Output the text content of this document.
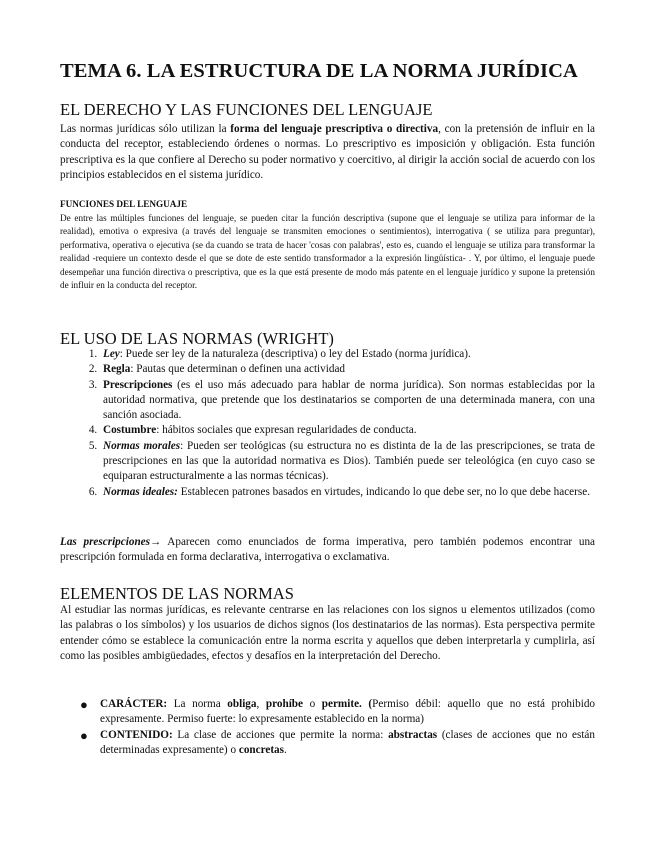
TEMA 6. LA ESTRUCTURA DE LA NORMA JURÍDICA
EL DERECHO Y LAS FUNCIONES DEL LENGUAJE

Las normas jurídicas sólo utilizan la forma del lenguaje prescriptiva o directiva, con la pretensión de influir en la conducta del receptor, estableciendo órdenes o normas. Lo prescriptivo es imposición y obligación. Esta función prescriptiva es la que confiere al Derecho su poder normativo y coercitivo, al dirigir la acción social de acuerdo con los principios establecidos en el sistema jurídico.

FUNCIONES DEL LENGUAJE

De entre las múltiples funciones del lenguaje, se pueden citar la función descriptiva (supone que el lenguaje se utiliza para informar de la realidad), emotiva o expresiva (a través del lenguaje se transmiten emociones o sentimientos), interrogativa ( se utiliza para preguntar), performativa, operativa o ejecutiva (se da cuando se trata de hacer 'cosas con palabras', esto es, cuando el lenguaje se utiliza para transformar la realidad -requiere un contexto desde el que se dote de este sentido transformador a la expresión lingüística- . Y, por último, el lenguaje puede desempeñar una función directiva o prescriptiva, que es la que está presente de modo más patente en el lenguaje jurídico y supone la pretensión de influir en la conducta del receptor.

EL USO DE LAS NORMAS (WRIGHT)
1. Ley: Puede ser ley de la naturaleza (descriptiva) o ley del Estado (norma jurídica).
2. Regla: Pautas que determinan o definen una actividad
3. Prescripciones (es el uso más adecuado para hablar de norma jurídica). Son normas establecidas por la autoridad normativa, que pretende que los destinatarios se comporten de una determinada manera, con una sanción asociada.
4. Costumbre: hábitos sociales que expresan regularidades de conducta.
5. Normas morales: Pueden ser teológicas (su estructura no es distinta de la de las prescripciones, se trata de prescripciones en las que la autoridad normativa es Dios). También puede ser teleológica (en cuyo caso se equiparan estructuralmente a las normas técnicas).
6. Normas ideales: Establecen patrones basados en virtudes, indicando lo que debe ser, no lo que debe hacerse.

Las prescripciones→ Aparecen como enunciados de forma imperativa, pero también podemos encontrar una prescripción formulada en forma declarativa, interrogativa o exclamativa.

ELEMENTOS DE LAS NORMAS

Al estudiar las normas jurídicas, es relevante centrarse en las relaciones con los signos u elementos utilizados (como las palabras o los símbolos) y los usuarios de dichos signos (los destinatarios de las normas). Esta perspectiva permite entender cómo se establece la comunicación entre la norma escrita y aquellos que deben interpretarla y cumplirla, así como las posibles ambigüedades, efectos y desafíos en la interpretación del Derecho.

● CARÁCTER: La norma obliga, prohíbe o permite. (Permiso débil: aquello que no está prohibido expresamente. Permiso fuerte: lo expresamente establecido en la norma)
● CONTENIDO: La clase de acciones que permite la norma: abstractas (clases de acciones que no están determinadas expresamente) o concretas.
